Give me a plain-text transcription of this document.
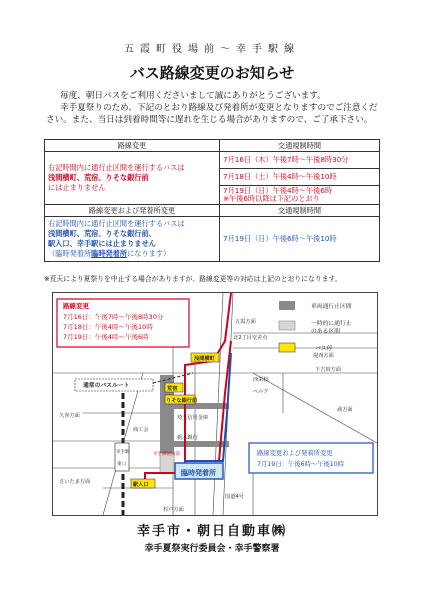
五霞町役場前〜幸手駅線
バス路線変更のお知らせ
毎度、朝日バスをご利用くださいまして誠にありがとうございます。
幸手夏祭りのため、下記のとおり路線及び発着所が変更となりますのでご注意ください。また、当日は到着時間等に遅れを生じる場合がありますので、ご了承下さい。
路線変更	交通規制時間

右記時間内に通行止区間を運行するバスは
浅間横町、荒宿、りそな銀行前
には止まりません	7月16日（木）午後7時〜午後8時30分
	7月18日（土）午後4時〜午後10時

	7月19日（日）午後4時〜午後6時
※午後6時以降は下記のとおり

路線変更および発着所変更	交通規制時間

右記時間内に通行止区間を運行するバスは
浅間横町、荒宿、りそな銀行前、
駅入口、幸手駅には止まりません
（臨時発着所臨時発着所になります）	7月19日（日）午後6時〜午後10時
※荒天により夏祭りを中止する場合がありますが、路線変更等の対応は上記のとおりになります。
路線変更
7月16日：午後7時〜午後8時30分
7月18日：午後4時〜午後10時
7月19日：午後4時〜午後6時
路線変更および発着所変更
7月19日：午後6時〜午後10時
車両通行止区間
一時的に通行止
のある区間
バス停
五霞方面
北2丁目交差点
浅間横町	堤西方面
下吉田方面
西栄校
満方面
ベルク
通常のバスルート
久喜方面
荒宿
りそな銀行前
埼玉信用金庫
商工会
栃木銀行
幸手駅
東口
駅入口
臨時発着所
幸手郵便局前
さいたま方面
杉戸方面
国道4号
幸手市・朝日自動車㈱
幸手夏祭実行委員会・幸手警察署
